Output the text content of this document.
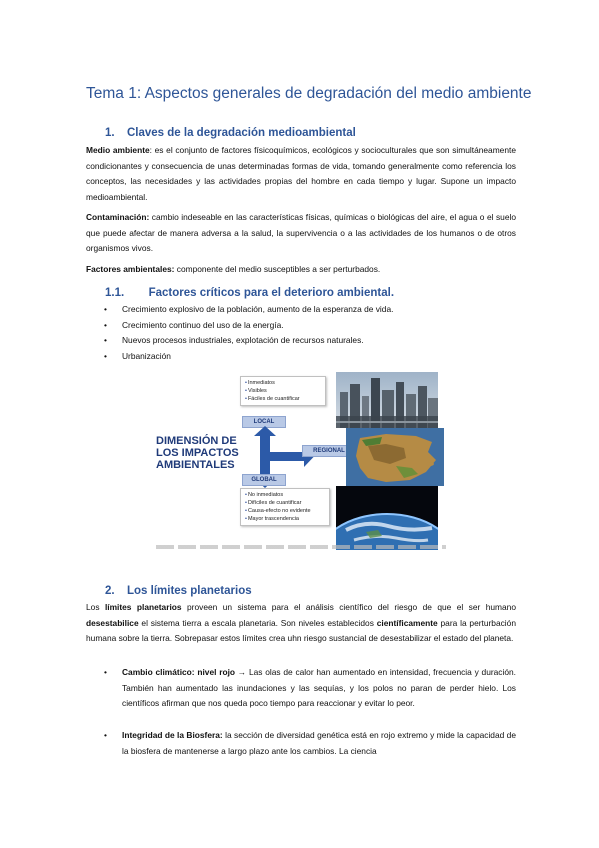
Tema 1: Aspectos generales de degradación del medio ambiente
1. Claves de la degradación medioambiental

Medio ambiente: es el conjunto de factores físicoquímicos, ecológicos y socioculturales que son simultáneamente condicionantes y consecuencia de unas determinadas formas de vida, tomando generalmente como referencia los conceptos, las necesidades y las actividades propias del hombre en cada tiempo y lugar. Supone un impacto medioambiental.

Contaminación: cambio indeseable en las características físicas, químicas o biológicas del aire, el agua o el suelo que puede afectar de manera adversa a la salud, la supervivencia o a las actividades de los humanos o de otros organismos vivos.

Factores ambientales: componente del medio susceptibles a ser perturbados.

1.1. Factores críticos para el deterioro ambiental.
• Crecimiento explosivo de la población, aumento de la esperanza de vida.
• Crecimiento continuo del uso de la energía.
• Nuevos procesos industriales, explotación de recursos naturales.
• Urbanización
DIMENSIÓN DE
LOS IMPACTOS
AMBIENTALES
• Inmediatos
• Visibles
• Fáciles de cuantificar
LOCAL
REGIONAL
GLOBAL
• No inmediatos
• Difíciles de cuantificar
• Causa-efecto no evidente
• Mayor trascendencia
2. Los límites planetarios

Los límites planetarios proveen un sistema para el análisis científico del riesgo de que el ser humano desestabilice el sistema tierra a escala planetaria. Son niveles establecidos científicamente para la perturbación humana sobre la tierra. Sobrepasar estos límites crea uhn riesgo sustancial de desestabilizar el estado del planeta.

• Cambio climático: nivel rojo → Las olas de calor han aumentado en intensidad, frecuencia y duración. También han aumentado las inundaciones y las sequías, y los polos no paran de perder hielo. Los científicos afirman que nos queda poco tiempo para reaccionar y evitar lo peor.
• Integridad de la Biosfera: la sección de diversidad genética está en rojo extremo y mide la capacidad de la biosfera de mantenerse a largo plazo ante los cambios. La ciencia
